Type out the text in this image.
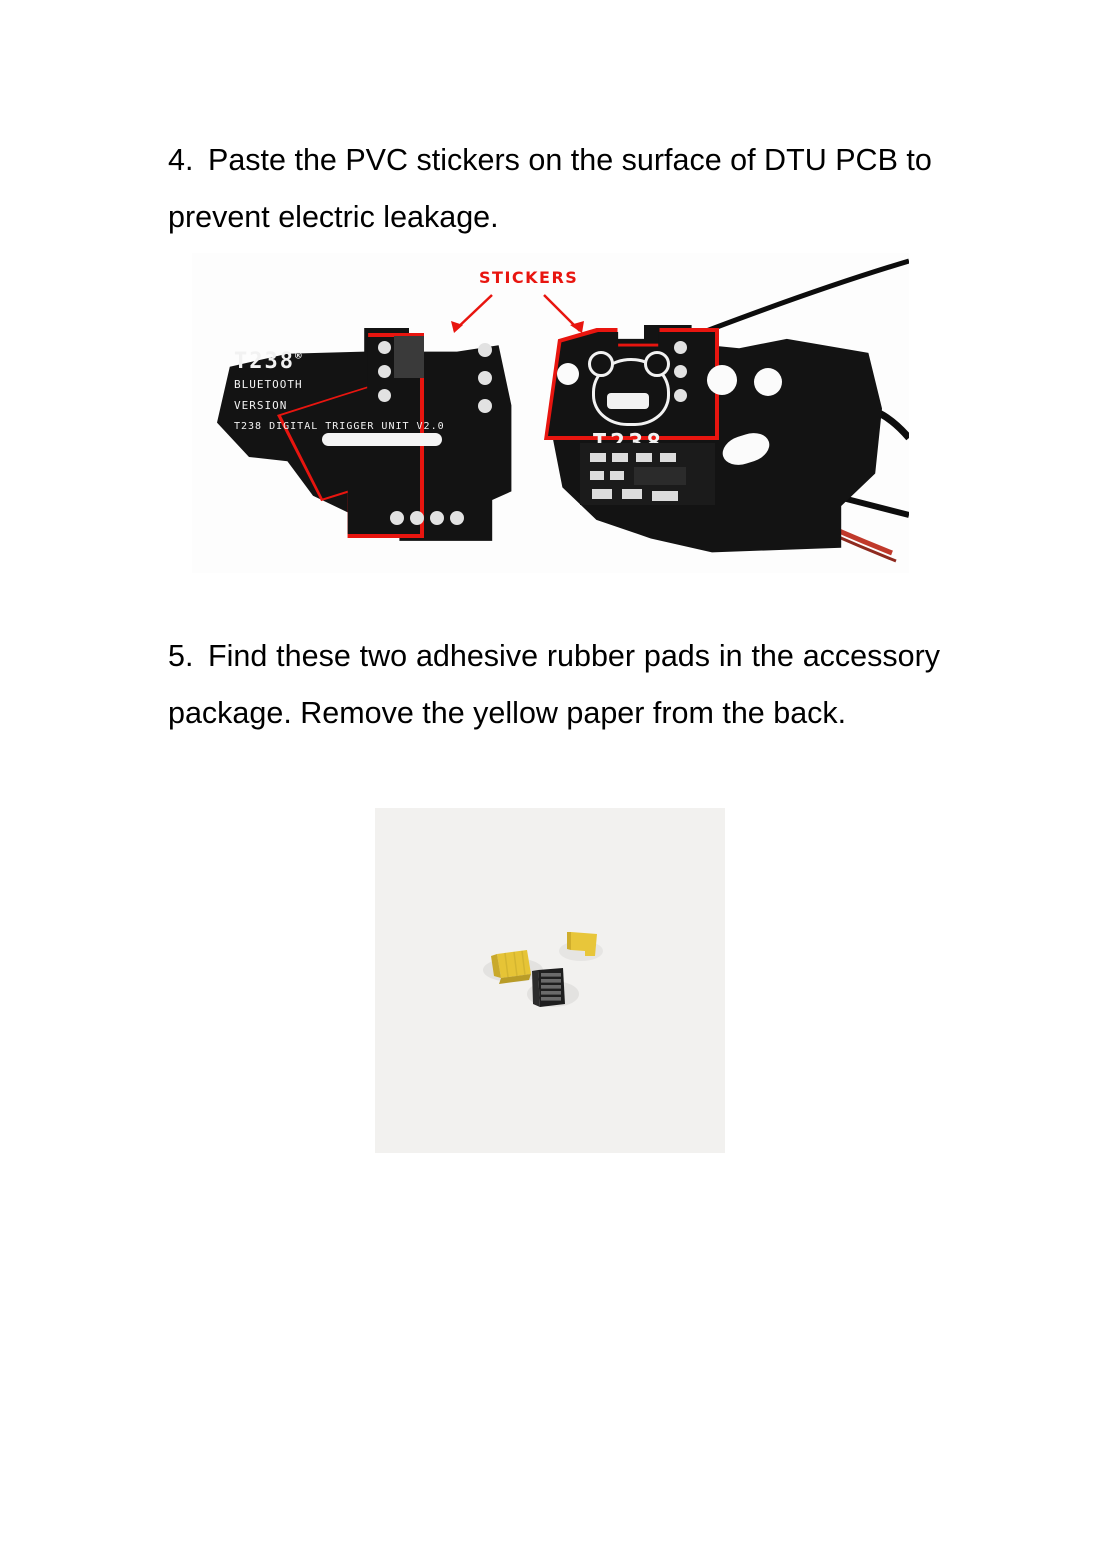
4. Paste the PVC stickers on the surface of DTU PCB to prevent electric leakage.
T238®
BLUETOOTH
VERSION
T238 DIGITAL TRIGGER UNIT V2.0
STICKERS
5. Find these two adhesive rubber pads in the accessory package. Remove the yellow paper from the back.
